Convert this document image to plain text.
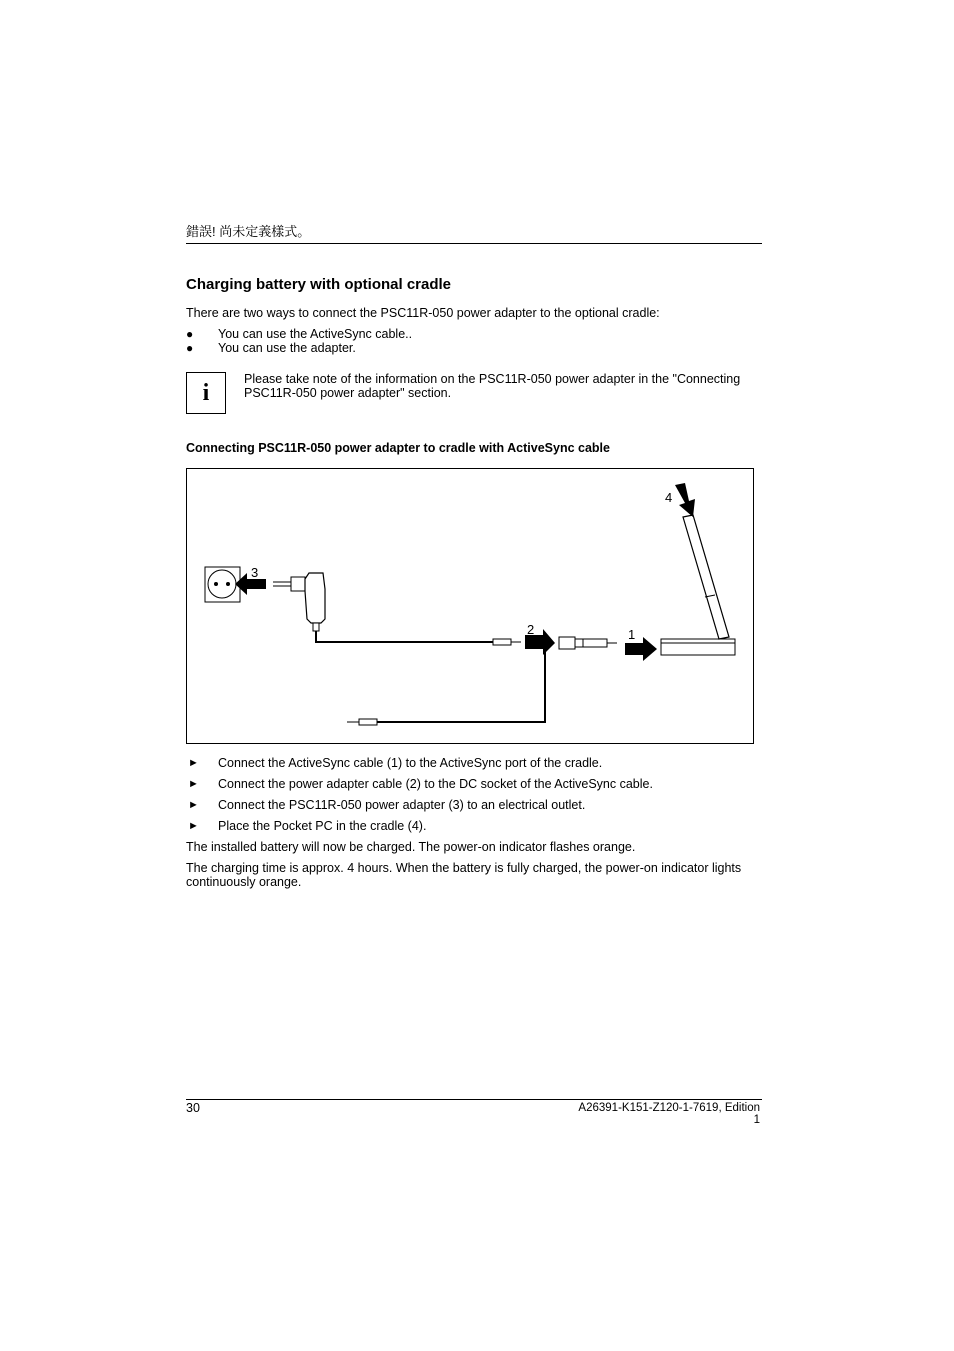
錯誤! 尚未定義樣式。
Charging battery with optional cradle
There are two ways to connect the PSC11R-050 power adapter to the optional cradle:
● You can use the ActiveSync cable..
● You can use the adapter.
i
Please take note of the information on the PSC11R-050 power adapter in the "Connecting
PSC11R-050 power adapter" section.
Connecting PSC11R-050 power adapter to cradle with ActiveSync cable
3
2	1
4
► Connect the ActiveSync cable (1) to the ActiveSync port of the cradle.
► Connect the power adapter cable (2) to the DC socket of the ActiveSync cable.
► Connect the PSC11R-050 power adapter (3) to an electrical outlet.
► Place the Pocket PC in the cradle (4).
The installed battery will now be charged. The power-on indicator flashes orange.
The charging time is approx. 4 hours. When the battery is fully charged, the power-on indicator lights
continuously orange.
30	A26391-K151-Z120-1-7619, Edition 1
